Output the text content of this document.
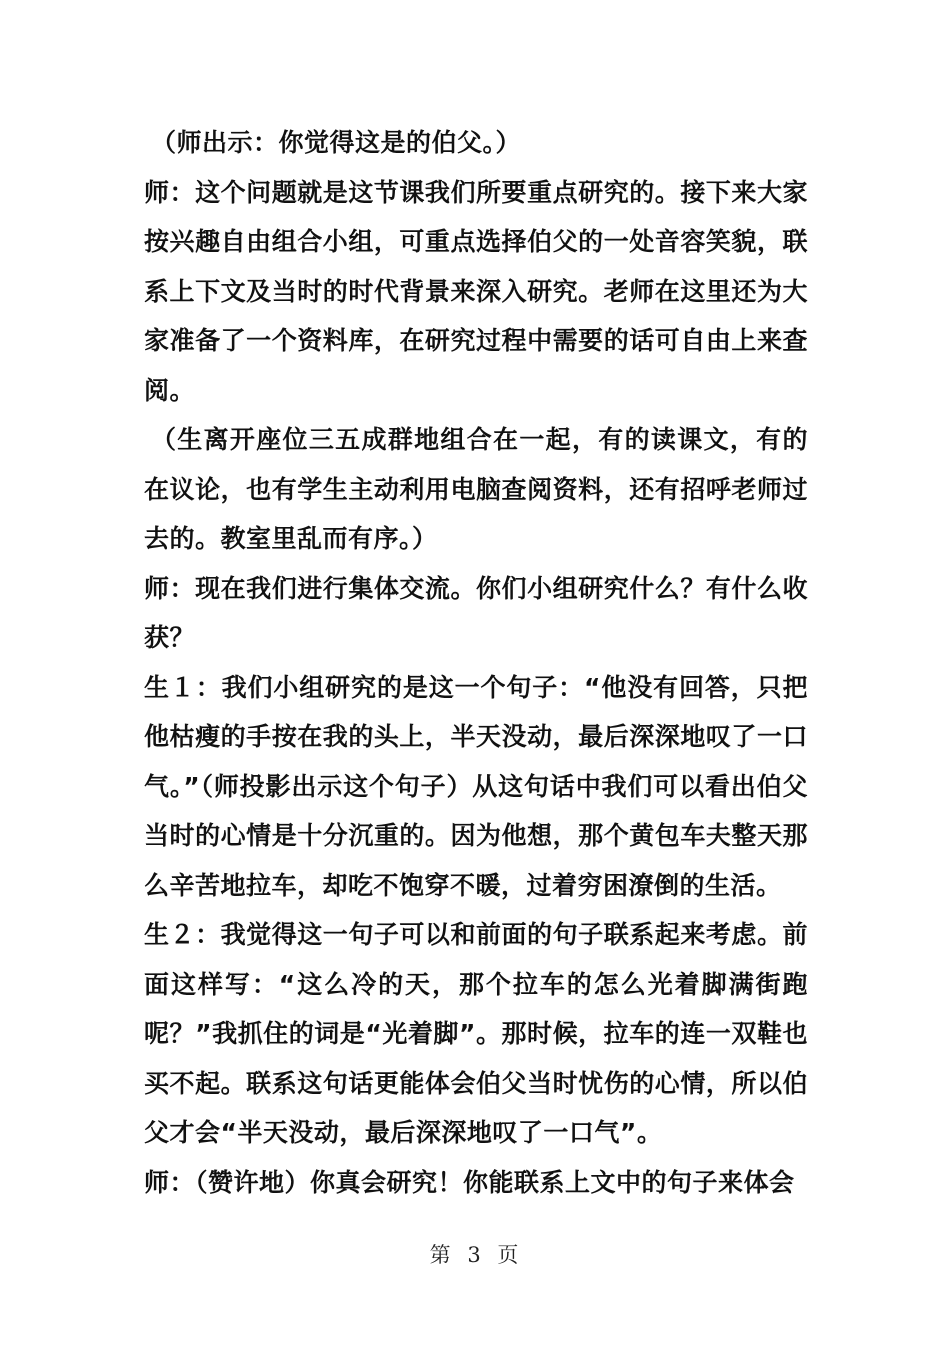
（师出示：你觉得这是的伯父。）

师：这个问题就是这节课我们所要重点研究的。接下来大家按兴趣自由组合小组，可重点选择伯父的一处音容笑貌，联系上下文及当时的时代背景来深入研究。老师在这里还为大家准备了一个资料库，在研究过程中需要的话可自由上来查阅。

（生离开座位三五成群地组合在一起，有的读课文，有的在议论，也有学生主动利用电脑查阅资料，还有招呼老师过去的。教室里乱而有序。）

师：现在我们进行集体交流。你们小组研究什么？有什么收获？

生１：我们小组研究的是这一个句子：“他没有回答，只把他枯瘦的手按在我的头上，半天没动，最后深深地叹了一口气。”（师投影出示这个句子）从这句话中我们可以看出伯父当时的心情是十分沉重的。因为他想，那个黄包车夫整天那么辛苦地拉车，却吃不饱穿不暖，过着穷困潦倒的生活。

生２：我觉得这一句子可以和前面的句子联系起来考虑。前面这样写：“这么冷的天，那个拉车的怎么光着脚满街跑呢？”我抓住的词是“光着脚”。那时候，拉车的连一双鞋也买不起。联系这句话更能体会伯父当时忧伤的心情，所以伯父才会“半天没动，最后深深地叹了一口气”。

师：（赞许地）你真会研究！你能联系上文中的句子来体会

第 3 页
